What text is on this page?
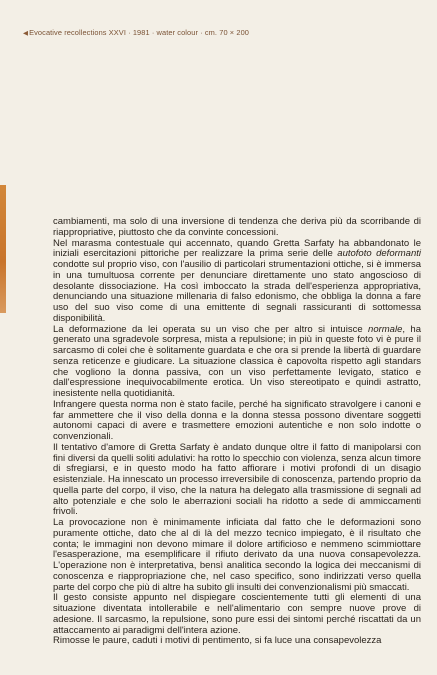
◀Evocative recollections XXVI · 1981 · water colour · cm. 70 × 200

cambiamenti, ma solo di una inversione di tendenza che deriva più da scorribande di riappropriative, piuttosto che da convinte concessioni.

Nel marasma contestuale qui accennato, quando Gretta Sarfaty ha abbandonato le iniziali esercitazioni pittoriche per realizzare la prima serie delle autofoto deformanti condotte sul proprio viso, con l'ausilio di particolari strumentazioni ottiche, si è immersa in una tumultuosa corrente per denunciare direttamente uno stato angoscioso di desolante dissociazione. Ha così imboccato la strada dell'esperienza appropriativa, denunciando una situazione millenaria di falso edonismo, che obbliga la donna a fare uso del suo viso come di una emittente di segnali rassicuranti di sottomessa disponibilità.

La deformazione da lei operata su un viso che per altro si intuisce normale, ha generato una sgradevole sorpresa, mista a repulsione; in più in queste foto vi è pure il sarcasmo di colei che è solitamente guardata e che ora si prende la libertà di guardare senza reticenze e giudicare. La situazione classica è capovolta rispetto agli standars che vogliono la donna passiva, con un viso perfettamente levigato, statico e dall'espressione inequivocabilmente erotica. Un viso stereotipato e quindi astratto, inesistente nella quotidianità.

Infrangere questa norma non è stato facile, perché ha significato stravolgere i canoni e far ammettere che il viso della donna e la donna stessa possono diventare soggetti autonomi capaci di avere e trasmettere emozioni autentiche e non solo indotte o convenzionali.

Il tentativo d'amore di Gretta Sarfaty è andato dunque oltre il fatto di manipolarsi con fini diversi da quelli soliti adulativi: ha rotto lo specchio con violenza, senza alcun timore di sfregiarsi, e in questo modo ha fatto affiorare i motivi profondi di un disagio esistenziale. Ha innescato un processo irreversibile di conoscenza, partendo proprio da quella parte del corpo, il viso, che la natura ha delegato alla trasmissione di segnali ad alto potenziale e che solo le aberrazioni sociali ha ridotto a sede di ammiccamenti frivoli.

La provocazione non è minimamente inficiata dal fatto che le deformazioni sono puramente ottiche, dato che al di là del mezzo tecnico impiegato, è il risultato che conta; le immagini non devono mimare il dolore artificioso e nemmeno scimmiottare l'esasperazione, ma esemplificare il rifiuto derivato da una nuova consapevolezza. L'operazione non è interpretativa, bensì analitica secondo la logica dei meccanismi di conoscenza e riappropriazione che, nel caso specifico, sono indirizzati verso quella parte del corpo che più di altre ha subito gli insulti dei convenzionalismi più smaccati.

Il gesto consiste appunto nel dispiegare coscientemente tutti gli elementi di una situazione diventata intollerabile e nell'alimentario con sempre nuove prove di adesione. Il sarcasmo, la repulsione, sono pure essi dei sintomi perché riscattati da un attaccamento ai paradigmi dell'intera azione.

Rimosse le paure, caduti i motivi di pentimento, si fa luce una consapevolezza
